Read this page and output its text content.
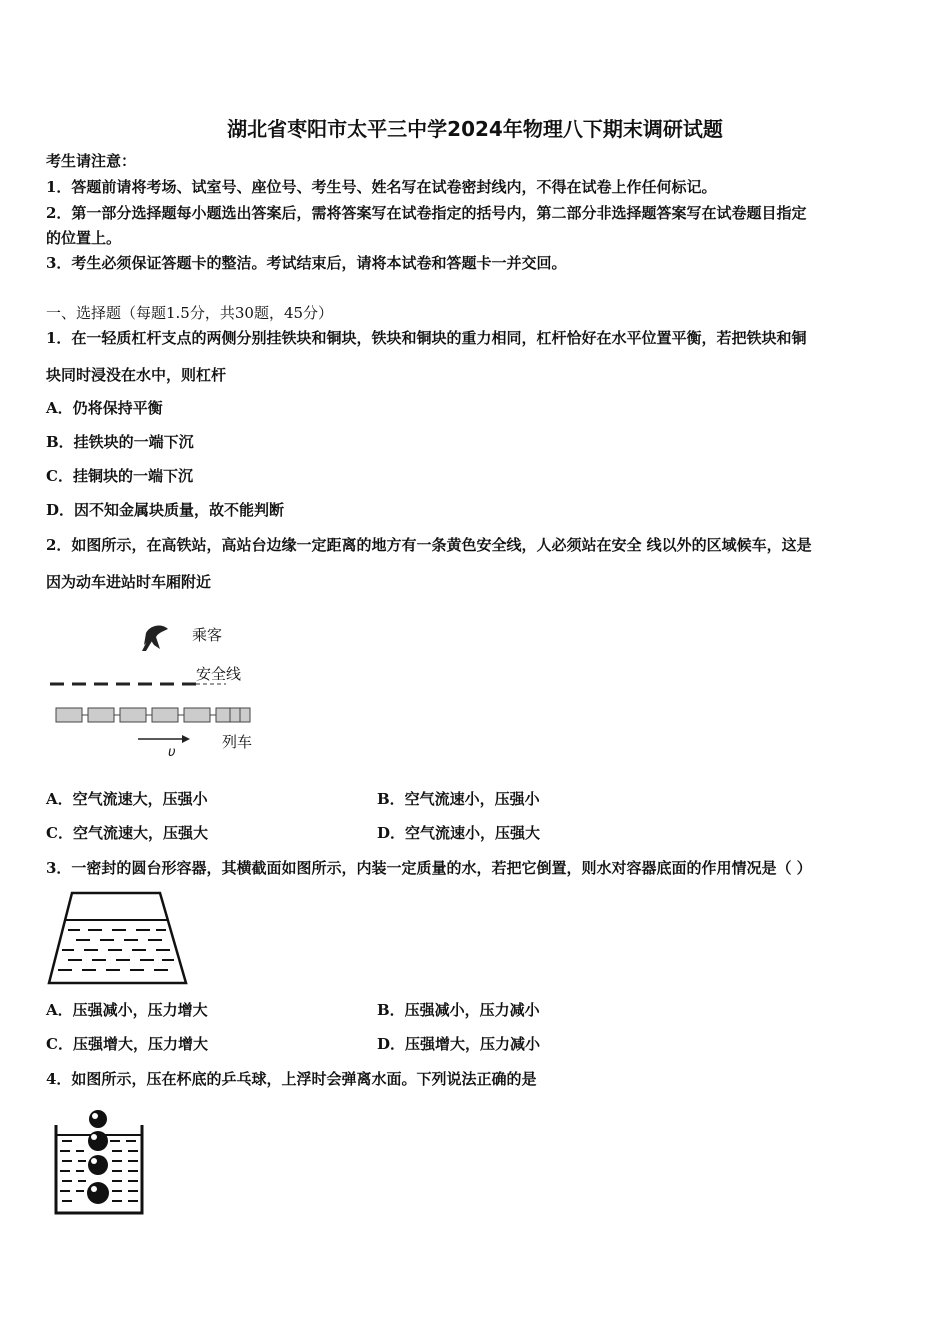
湖北省枣阳市太平三中学2024年物理八下期末调研试题
考生请注意：
1．答题前请将考场、试室号、座位号、考生号、姓名写在试卷密封线内，不得在试卷上作任何标记。
2．第一部分选择题每小题选出答案后，需将答案写在试卷指定的括号内，第二部分非选择题答案写在试卷题目指定
的位置上。
3．考生必须保证答题卡的整洁。考试结束后，请将本试卷和答题卡一并交回。
一、选择题（每题1.5分，共30题，45分）
1．在一轻质杠杆支点的两侧分别挂铁块和铜块，铁块和铜块的重力相同，杠杆恰好在水平位置平衡，若把铁块和铜
块同时浸没在水中，则杠杆
A．仍将保持平衡
B．挂铁块的一端下沉
C．挂铜块的一端下沉
D．因不知金属块质量，故不能判断
2．如图所示，在高铁站，高站台边缘一定距离的地方有一条黄色安全线，人必须站在安全 线以外的区域候车，这是
因为动车进站时车厢附近
乘客
安全线
列车
υ
A．空气流速大，压强小	B．空气流速小，压强小
C．空气流速大，压强大	D．空气流速小，压强大
3．一密封的圆台形容器，其横截面如图所示，内装一定质量的水，若把它倒置，则水对容器底面的作用情况是（ ）
A．压强减小，压力增大	B．压强减小，压力减小
C．压强增大，压力增大	D．压强增大，压力减小
4．如图所示，压在杯底的乒乓球，上浮时会弹离水面。下列说法正确的是
